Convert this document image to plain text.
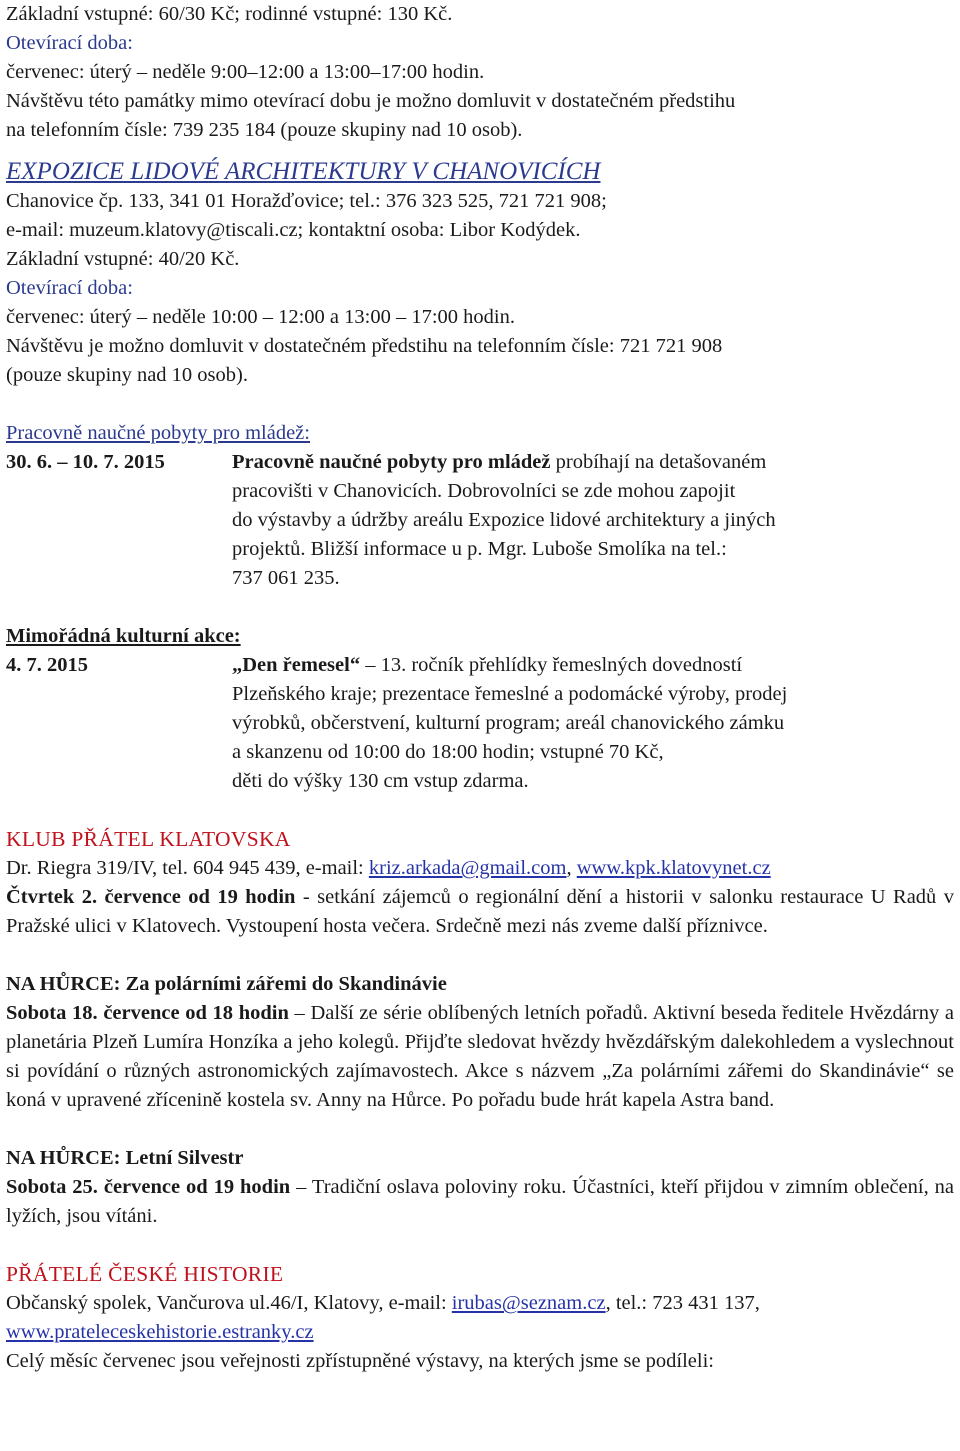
Základní vstupné: 60/30 Kč; rodinné vstupné: 130 Kč.
Otevírací doba:
červenec: úterý – neděle 9:00–12:00 a 13:00–17:00 hodin.
Návštěvu této památky mimo otevírací dobu je možno domluvit v dostatečném předstihu
na telefonním čísle: 739 235 184 (pouze skupiny nad 10 osob).
EXPOZICE LIDOVÉ ARCHITEKTURY V CHANOVICÍCH
Chanovice čp. 133, 341 01 Horažďovice; tel.: 376 323 525, 721 721 908;
e-mail: muzeum.klatovy@tiscali.cz; kontaktní osoba: Libor Kodýdek.
Základní vstupné: 40/20 Kč.
Otevírací doba:
červenec: úterý – neděle 10:00 – 12:00 a 13:00 – 17:00 hodin.
Návštěvu je možno domluvit v dostatečném předstihu na telefonním čísle: 721 721 908
(pouze skupiny nad 10 osob).
Pracovně naučné pobyty pro mládež:
30. 6. – 10. 7. 2015	Pracovně naučné pobyty pro mládež probíhají na detašovaném
pracovišti v Chanovicích. Dobrovolníci se zde mohou zapojit
do výstavby a údržby areálu Expozice lidové architektury a jiných
projektů. Bližší informace u p. Mgr. Luboše Smolíka na tel.:
737 061 235.
Mimořádná kulturní akce:
4. 7. 2015	„Den řemesel“ – 13. ročník přehlídky řemeslných dovedností
Plzeňského kraje; prezentace řemeslné a podomácké výroby, prodej
výrobků, občerstvení, kulturní program; areál chanovického zámku
a skanzenu od 10:00 do 18:00 hodin; vstupné 70 Kč,
děti do výšky 130 cm vstup zdarma.
KLUB PŘÁTEL KLATOVSKA
Dr. Riegra 319/IV, tel. 604 945 439, e-mail: kriz.arkada@gmail.com, www.kpk.klatovynet.cz
Čtvrtek 2. července od 19 hodin - setkání zájemců o regionální dění a historii v salonku restaurace U Radů v Pražské ulici v Klatovech. Vystoupení hosta večera. Srdečně mezi nás zveme další příznivce.
NA HŮRCE: Za polárními zářemi do Skandinávie
Sobota 18. července od 18 hodin – Další ze série oblíbených letních pořadů. Aktivní beseda ředitele Hvězdárny a planetária Plzeň Lumíra Honzíka a jeho kolegů. Přijďte sledovat hvězdy hvězdářským dalekohledem a vyslechnout si povídání o různých astronomických zajímavostech. Akce s názvem „Za polárními zářemi do Skandinávie“ se koná v upravené zřícenině kostela sv. Anny na Hůrce. Po pořadu bude hrát kapela Astra band.
NA HŮRCE: Letní Silvestr
Sobota 25. července od 19 hodin – Tradiční oslava poloviny roku. Účastníci, kteří přijdou v zimním oblečení, na lyžích, jsou vítáni.
PŘÁTELÉ ČESKÉ HISTORIE
Občanský spolek, Vančurova ul.46/I, Klatovy, e-mail: irubas@seznam.cz, tel.: 723 431 137,
www.prateleceskehistorie.estranky.cz
Celý měsíc červenec jsou veřejnosti zpřístupněné výstavy, na kterých jsme se podíleli:
